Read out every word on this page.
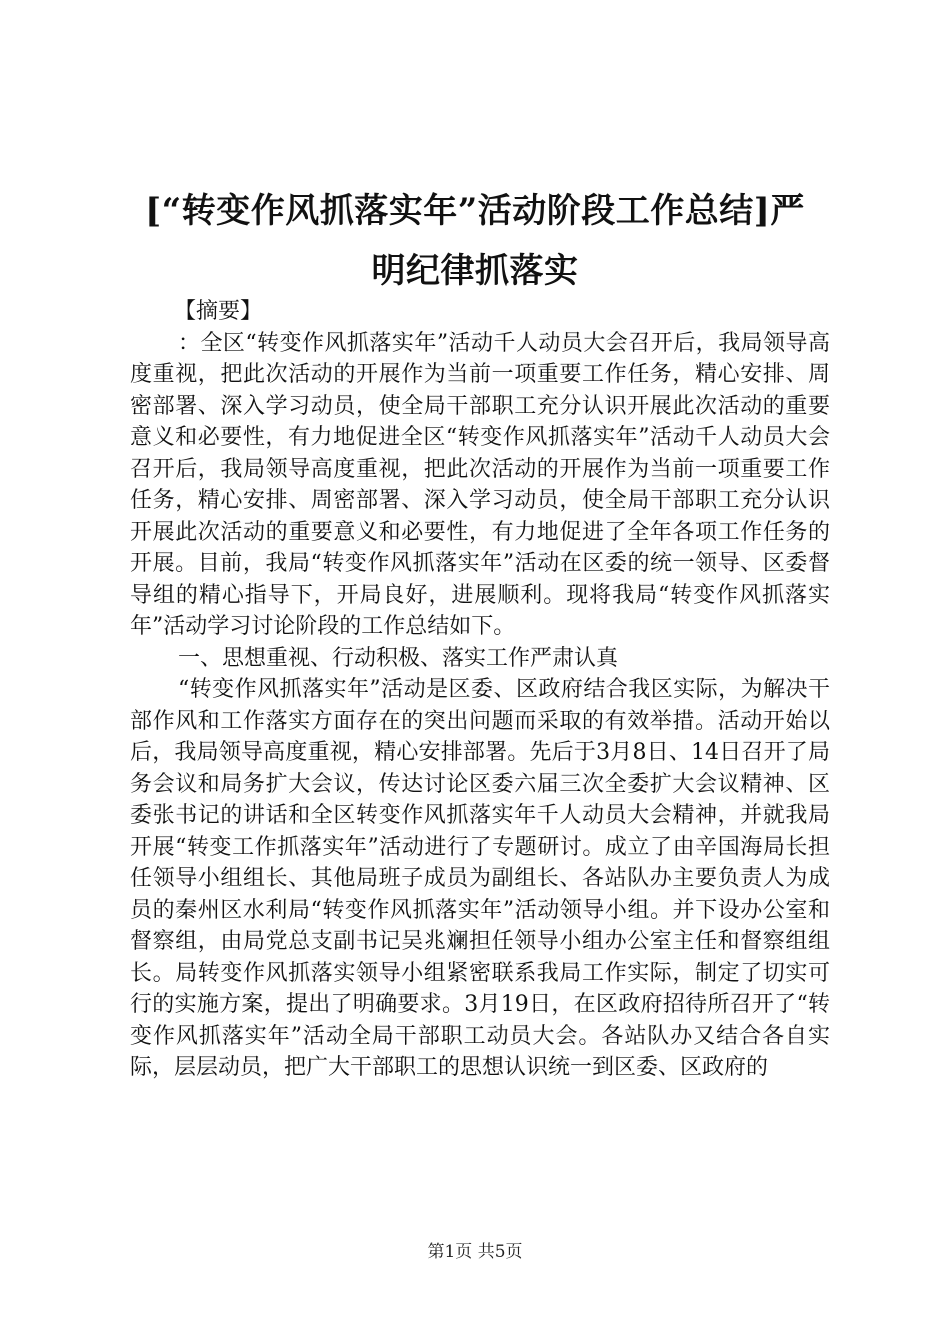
[“转变作风抓落实年”活动阶段工作总结]严
明纪律抓落实

【摘要】

：全区“转变作风抓落实年”活动千人动员大会召开后，我局领导高度重视，把此次活动的开展作为当前一项重要工作任务，精心安排、周密部署、深入学习动员，使全局干部职工充分认识开展此次活动的重要意义和必要性，有力地促进全区“转变作风抓落实年”活动千人动员大会召开后，我局领导高度重视，把此次活动的开展作为当前一项重要工作任务，精心安排、周密部署、深入学习动员，使全局干部职工充分认识开展此次活动的重要意义和必要性，有力地促进了全年各项工作任务的开展。目前，我局“转变作风抓落实年”活动在区委的统一领导、区委督导组的精心指导下，开局良好，进展顺利。现将我局“转变作风抓落实年”活动学习讨论阶段的工作总结如下。

一、思想重视、行动积极、落实工作严肃认真

“转变作风抓落实年”活动是区委、区政府结合我区实际，为解决干部作风和工作落实方面存在的突出问题而采取的有效举措。活动开始以后，我局领导高度重视，精心安排部署。先后于3月8日、14日召开了局务会议和局务扩大会议，传达讨论区委六届三次全委扩大会议精神、区委张书记的讲话和全区转变作风抓落实年千人动员大会精神，并就我局开展“转变工作抓落实年”活动进行了专题研讨。成立了由辛国海局长担任领导小组组长、其他局班子成员为副组长、各站队办主要负责人为成员的秦州区水利局“转变作风抓落实年”活动领导小组。并下设办公室和督察组，由局党总支副书记吴兆斓担任领导小组办公室主任和督察组组长。局转变作风抓落实领导小组紧密联系我局工作实际，制定了切实可行的实施方案，提出了明确要求。3月19日，在区政府招待所召开了“转变作风抓落实年”活动全局干部职工动员大会。各站队办又结合各自实际，层层动员，把广大干部职工的思想认识统一到区委、区政府的

第1页 共5页
